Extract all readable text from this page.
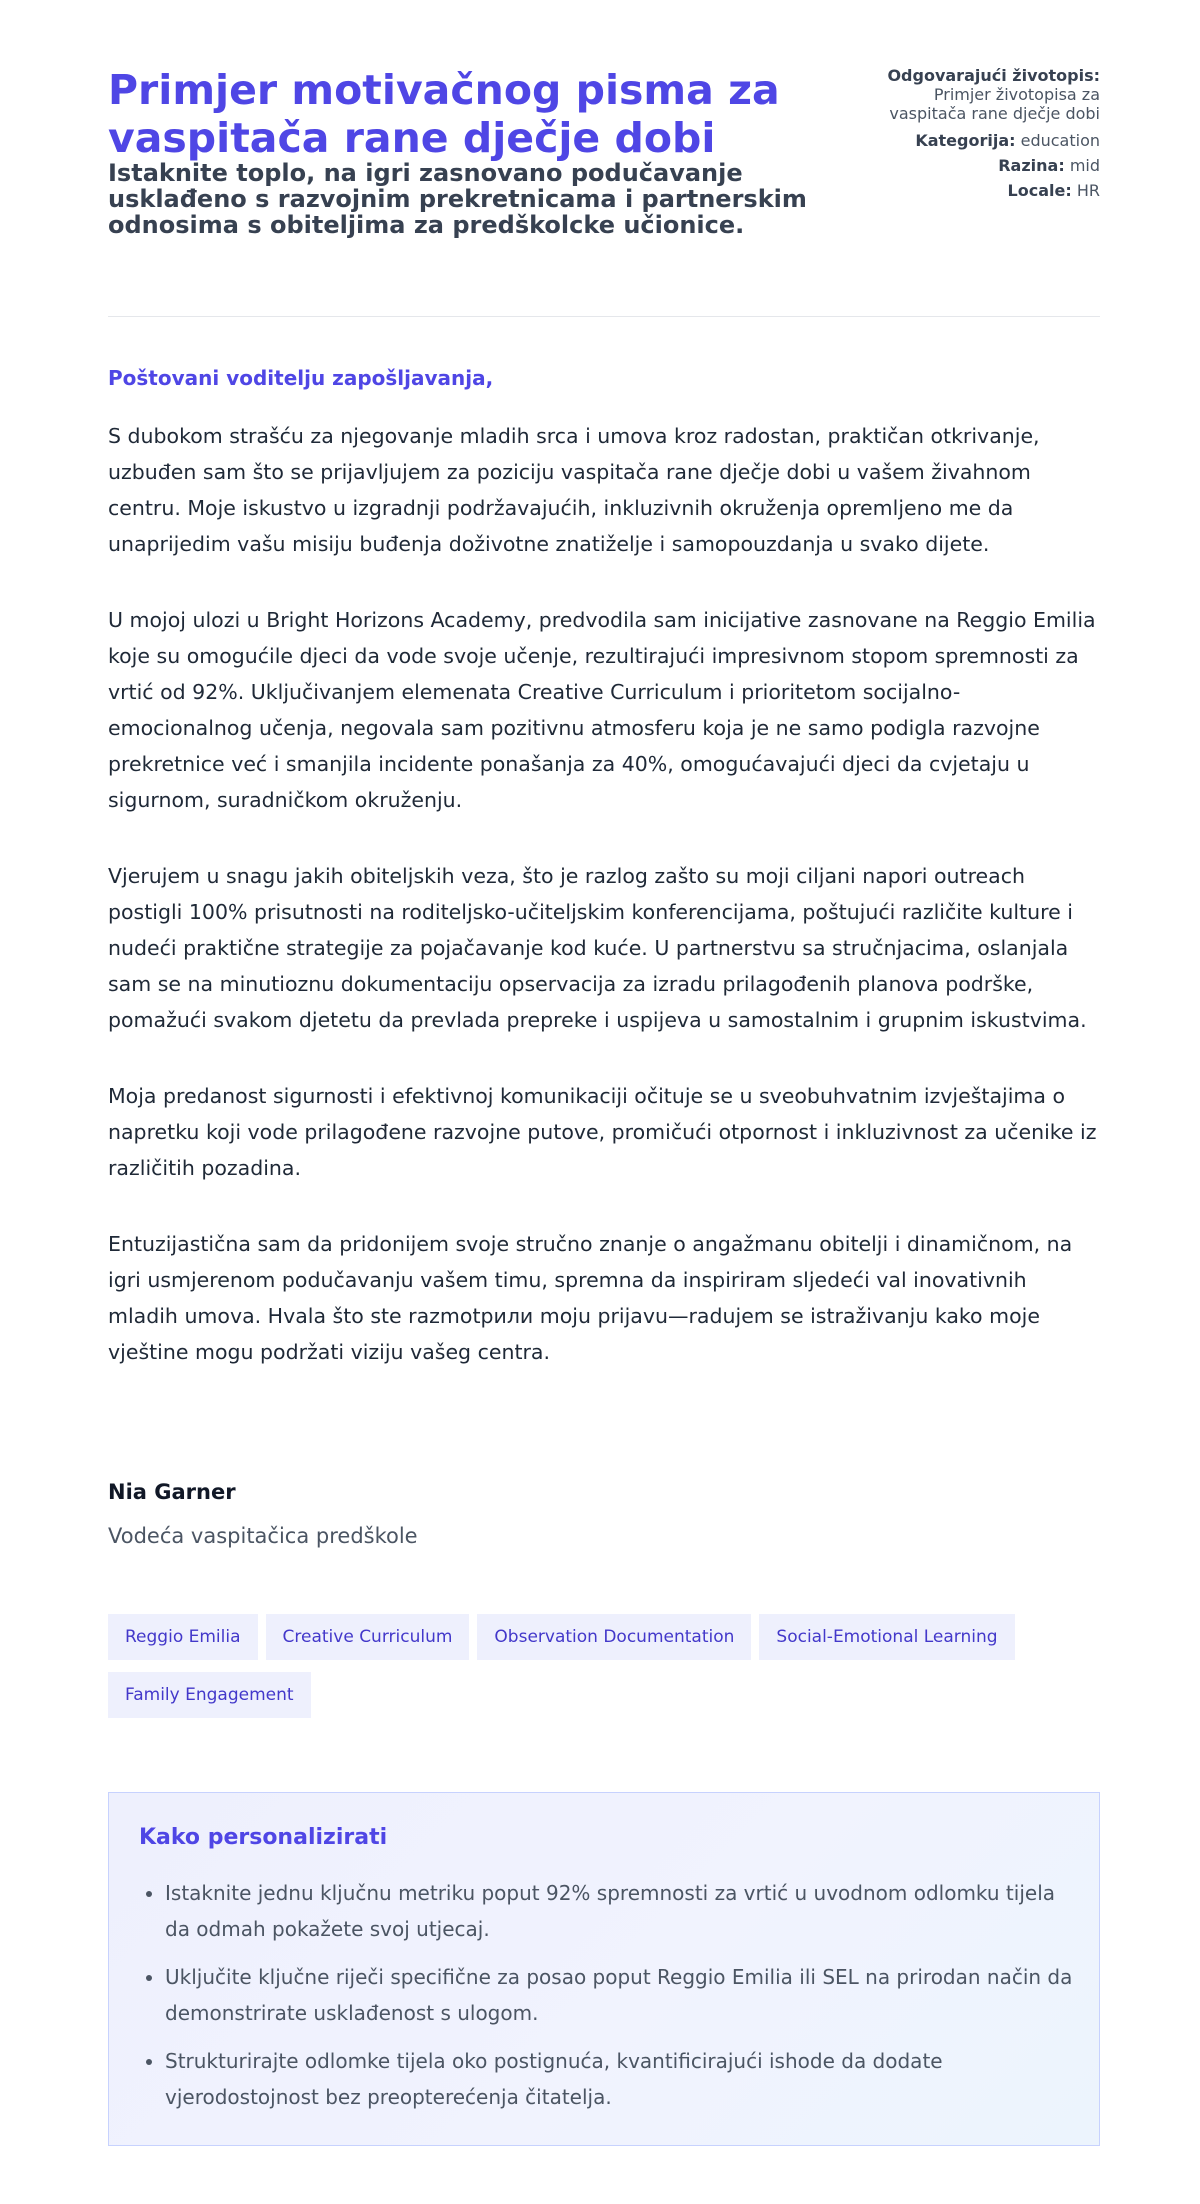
Primjer motivačnog pisma za vaspitača rane dječje dobi
Istaknite toplo, na igri zasnovano podučavanje usklađeno s razvojnim prekretnicama i partnerskim odnosima s obiteljima za predškolcke učionice.
Odgovarajući životopis: Primjer životopisa za vaspitača rane dječje dobi
Kategorija: education
Razina: mid
Locale: HR

Poštovani voditelju zapošljavanja,

S dubokom strašću za njegovanje mladih srca i umova kroz radostan, praktičan otkrivanje, uzbuđen sam što se prijavljujem za poziciju vaspitača rane dječje dobi u vašem živahnom centru. Moje iskustvo u izgradnji podržavajućih, inkluzivnih okruženja opremljeno me da unaprijedim vašu misiju buđenja doživotne znatiželje i samopouzdanja u svako dijete.

U mojoj ulozi u Bright Horizons Academy, predvodila sam inicijative zasnovane na Reggio Emilia koje su omogućile djeci da vode svoje učenje, rezultirajući impresivnom stopom spremnosti za vrtić od 92%. Uključivanjem elemenata Creative Curriculum i prioritetom socijalno-emocionalnog učenja, negovala sam pozitivnu atmosferu koja je ne samo podigla razvojne prekretnice već i smanjila incidente ponašanja za 40%, omogućavajući djeci da cvjetaju u sigurnom, suradničkom okruženju.

Vjerujem u snagu jakih obiteljskih veza, što je razlog zašto su moji ciljani napori outreach postigli 100% prisutnosti na roditeljsko-učiteljskim konferencijama, poštujući različite kulture i nudeći praktične strategije za pojačavanje kod kuće. U partnerstvu sa stručnjacima, oslanjala sam se na minutioznu dokumentaciju opservacija za izradu prilagođenih planova podrške, pomažući svakom djetetu da prevlada prepreke i uspijeva u samostalnim i grupnim iskustvima.

Moja predanost sigurnosti i efektivnoj komunikaciji očituje se u sveobuhvatnim izvještajima o napretku koji vode prilagođene razvojne putove, promičući otpornost i inkluzivnost za učenike iz različitih pozadina.

Entuzijastična sam da pridonijem svoje stručno znanje o angažmanu obitelji i dinamičnom, na igri usmjerenom podučavanju vašem timu, spremna da inspiriram sljedeći val inovativnih mladih umova. Hvala što ste razmotрили moju prijavu—radujem se istraživanju kako moje vještine mogu podržati viziju vašeg centra.

Nia Garner

Vodeća vaspitačica predškole

Reggio Emilia Creative Curriculum Observation Documentation Social-Emotional LearningFamily Engagement
Kako personalizirati
• Istaknite jednu ključnu metriku poput 92% spremnosti za vrtić u uvodnom odlomku tijela da odmah pokažete svoj utjecaj.
• Uključite ključne riječi specifične za posao poput Reggio Emilia ili SEL na prirodan način da demonstrirate usklađenost s ulogom.
• Strukturirajte odlomke tijela oko postignuća, kvantificirajući ishode da dodate vjerodostojnost bez preopterećenja čitatelja.
